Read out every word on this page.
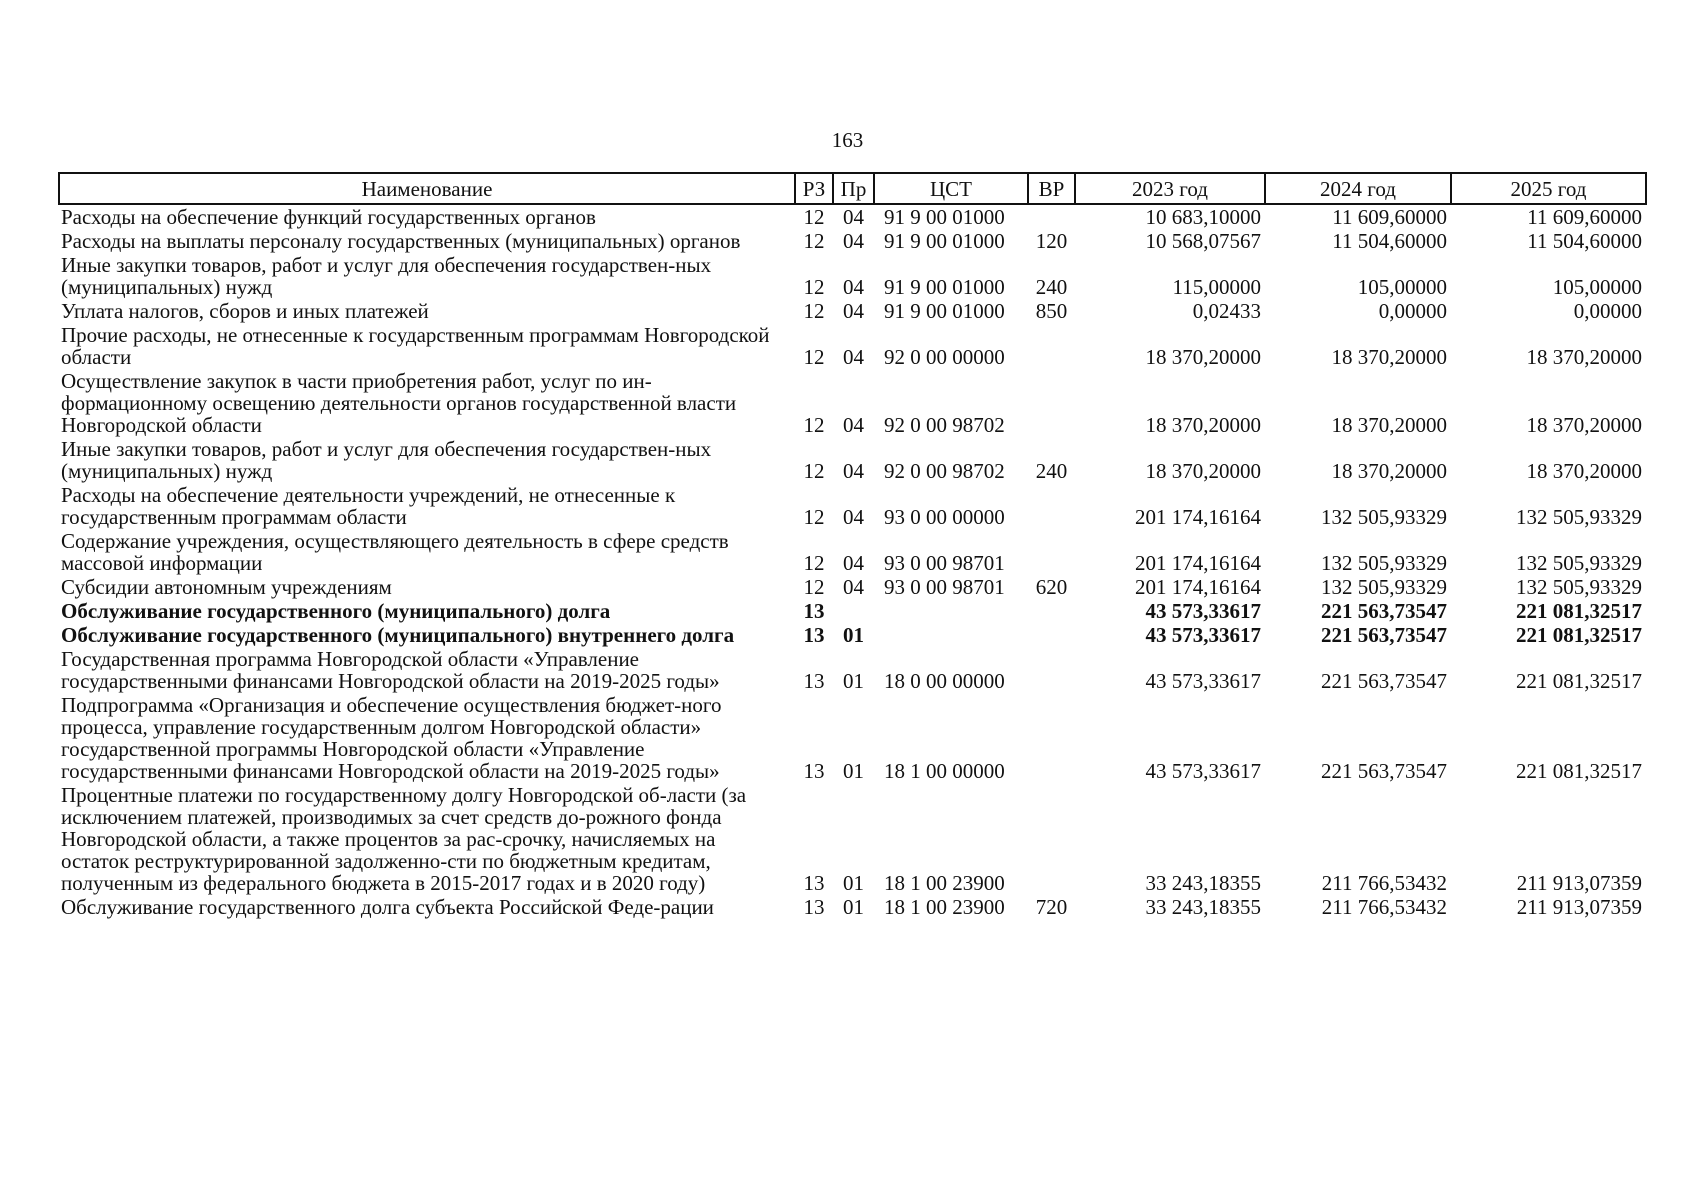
163
Наименование	РЗ	Пр	ЦСТ	ВР	2023 год	2024 год	2025 год
Расходы на обеспечение функций государственных органов	12	04	91 9 00 01000		10 683,10000	11 609,60000	11 609,60000
Расходы на выплаты персоналу государственных (муниципальных) органов	12	04	91 9 00 01000	120	10 568,07567	11 504,60000	11 504,60000
Иные закупки товаров, работ и услуг для обеспечения государствен-ных (муниципальных) нужд	12	04	91 9 00 01000	240	115,00000	105,00000	105,00000
Уплата налогов, сборов и иных платежей	12	04	91 9 00 01000	850	0,02433	0,00000	0,00000
Прочие расходы, не отнесенные к государственным программам Новгородской области	12	04	92 0 00 00000		18 370,20000	18 370,20000	18 370,20000
Осуществление закупок в части приобретения работ, услуг по ин-формационному освещению деятельности органов государственной власти Новгородской области	12	04	92 0 00 98702		18 370,20000	18 370,20000	18 370,20000
Иные закупки товаров, работ и услуг для обеспечения государствен-ных (муниципальных) нужд	12	04	92 0 00 98702	240	18 370,20000	18 370,20000	18 370,20000
Расходы на обеспечение деятельности учреждений, не отнесенные к государственным программам области	12	04	93 0 00 00000		201 174,16164	132 505,93329	132 505,93329
Содержание учреждения, осуществляющего деятельность в сфере средств массовой информации	12	04	93 0 00 98701		201 174,16164	132 505,93329	132 505,93329
Субсидии автономным учреждениям	12	04	93 0 00 98701	620	201 174,16164	132 505,93329	132 505,93329
Обслуживание государственного (муниципального) долга	13				43 573,33617	221 563,73547	221 081,32517
Обслуживание государственного (муниципального) внутреннего долга	13	01			43 573,33617	221 563,73547	221 081,32517
Государственная программа Новгородской области «Управление государственными финансами Новгородской области на 2019-2025 годы»	13	01	18 0 00 00000		43 573,33617	221 563,73547	221 081,32517
Подпрограмма «Организация и обеспечение осуществления бюджет-ного процесса, управление государственным долгом Новгородской области» государственной программы Новгородской области «Управление государственными финансами Новгородской области на 2019-2025 годы»	13	01	18 1 00 00000		43 573,33617	221 563,73547	221 081,32517
Процентные платежи по государственному долгу Новгородской об-ласти (за исключением платежей, производимых за счет средств до-рожного фонда Новгородской области, а также процентов за рас-срочку, начисляемых на остаток реструктурированной задолженно-сти по бюджетным кредитам, полученным из федерального бюджета в 2015-2017 годах и в 2020 году)	13	01	18 1 00 23900		33 243,18355	211 766,53432	211 913,07359
Обслуживание государственного долга субъекта Российской Феде-рации	13	01	18 1 00 23900	720	33 243,18355	211 766,53432	211 913,07359
